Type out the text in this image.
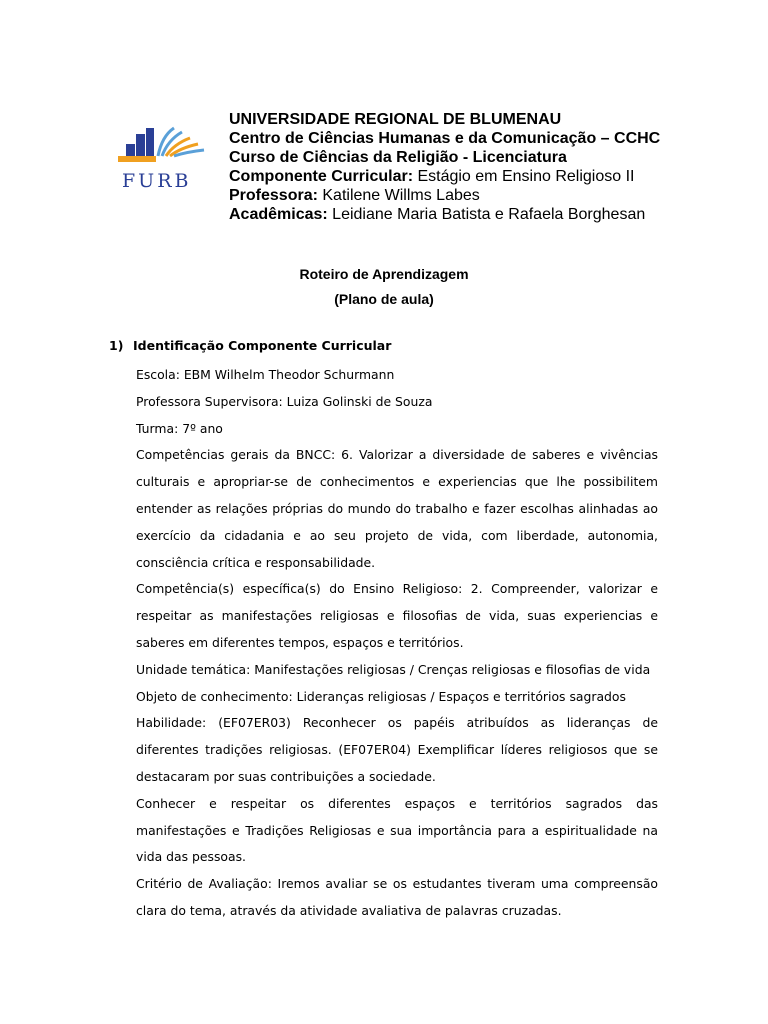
FURB
UNIVERSIDADE REGIONAL DE BLUMENAU
Centro de Ciências Humanas e da Comunicação – CCHC
Curso de Ciências da Religião - Licenciatura
Componente Curricular: Estágio em Ensino Religioso II
Professora: Katilene Willms Labes
Acadêmicas: Leidiane Maria Batista e Rafaela Borghesan
Roteiro de Aprendizagem
(Plano de aula)
1) Identificação Componente Curricular

Escola: EBM Wilhelm Theodor Schurmann

Professora Supervisora: Luiza Golinski de Souza

Turma: 7º ano

Competências gerais da BNCC: 6. Valorizar a diversidade de saberes e vivências culturais e apropriar-se de conhecimentos e experiencias que lhe possibilitem entender as relações próprias do mundo do trabalho e fazer escolhas alinhadas ao exercício da cidadania e ao seu projeto de vida, com liberdade, autonomia, consciência crítica e responsabilidade.

Competência(s) específica(s) do Ensino Religioso: 2. Compreender, valorizar e respeitar as manifestações religiosas e filosofias de vida, suas experiencias e saberes em diferentes tempos, espaços e territórios.

Unidade temática: Manifestações religiosas / Crenças religiosas e filosofias de vida

Objeto de conhecimento: Lideranças religiosas / Espaços e territórios sagrados

Habilidade: (EF07ER03) Reconhecer os papéis atribuídos as lideranças de diferentes tradições religiosas. (EF07ER04) Exemplificar líderes religiosos que se destacaram por suas contribuições a sociedade.

Conhecer e respeitar os diferentes espaços e territórios sagrados das manifestações e Tradições Religiosas e sua importância para a espiritualidade na vida das pessoas.

Critério de Avaliação: Iremos avaliar se os estudantes tiveram uma compreensão clara do tema, através da atividade avaliativa de palavras cruzadas.
